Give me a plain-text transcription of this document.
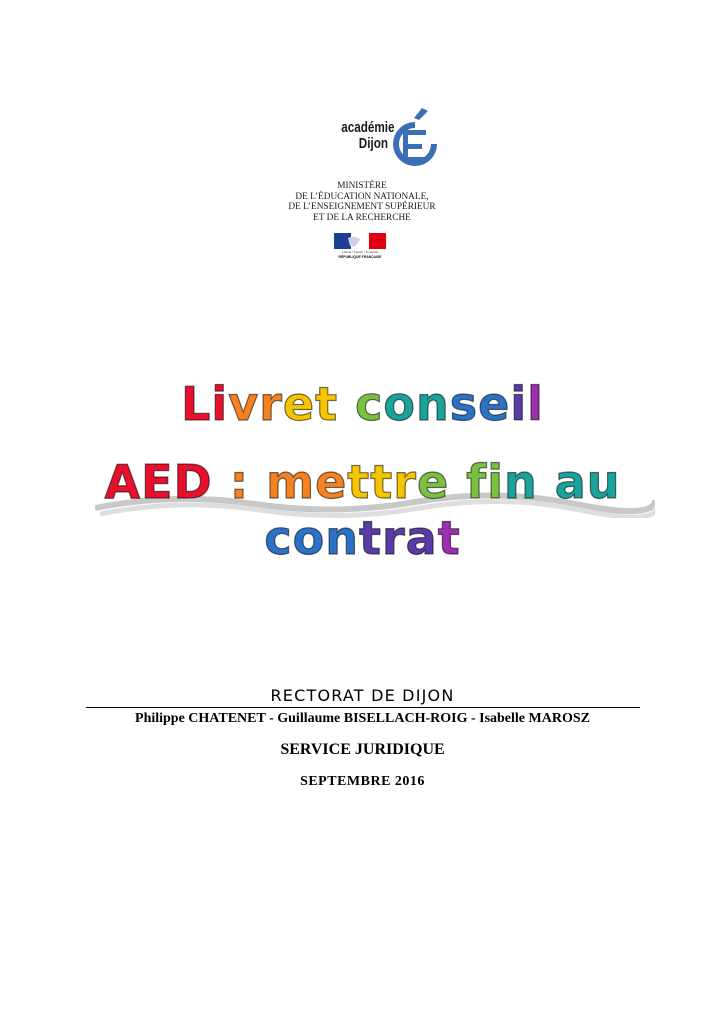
académie
Dijon
MINISTÈRE
DE L’ÉDUCATION NATIONALE,
DE L’ENSEIGNEMENT SUPÉRIEUR
ET DE LA RECHERCHE
Liberté • Égalité • Fraternité
RÉPUBLIQUE FRANÇAISE
Livret conseil
AED : mettre fin au contrat
RECTORAT DE DIJON
Philippe CHATENET - Guillaume BISELLACH-ROIG - Isabelle MAROSZ
SERVICE JURIDIQUE
SEPTEMBRE 2016
